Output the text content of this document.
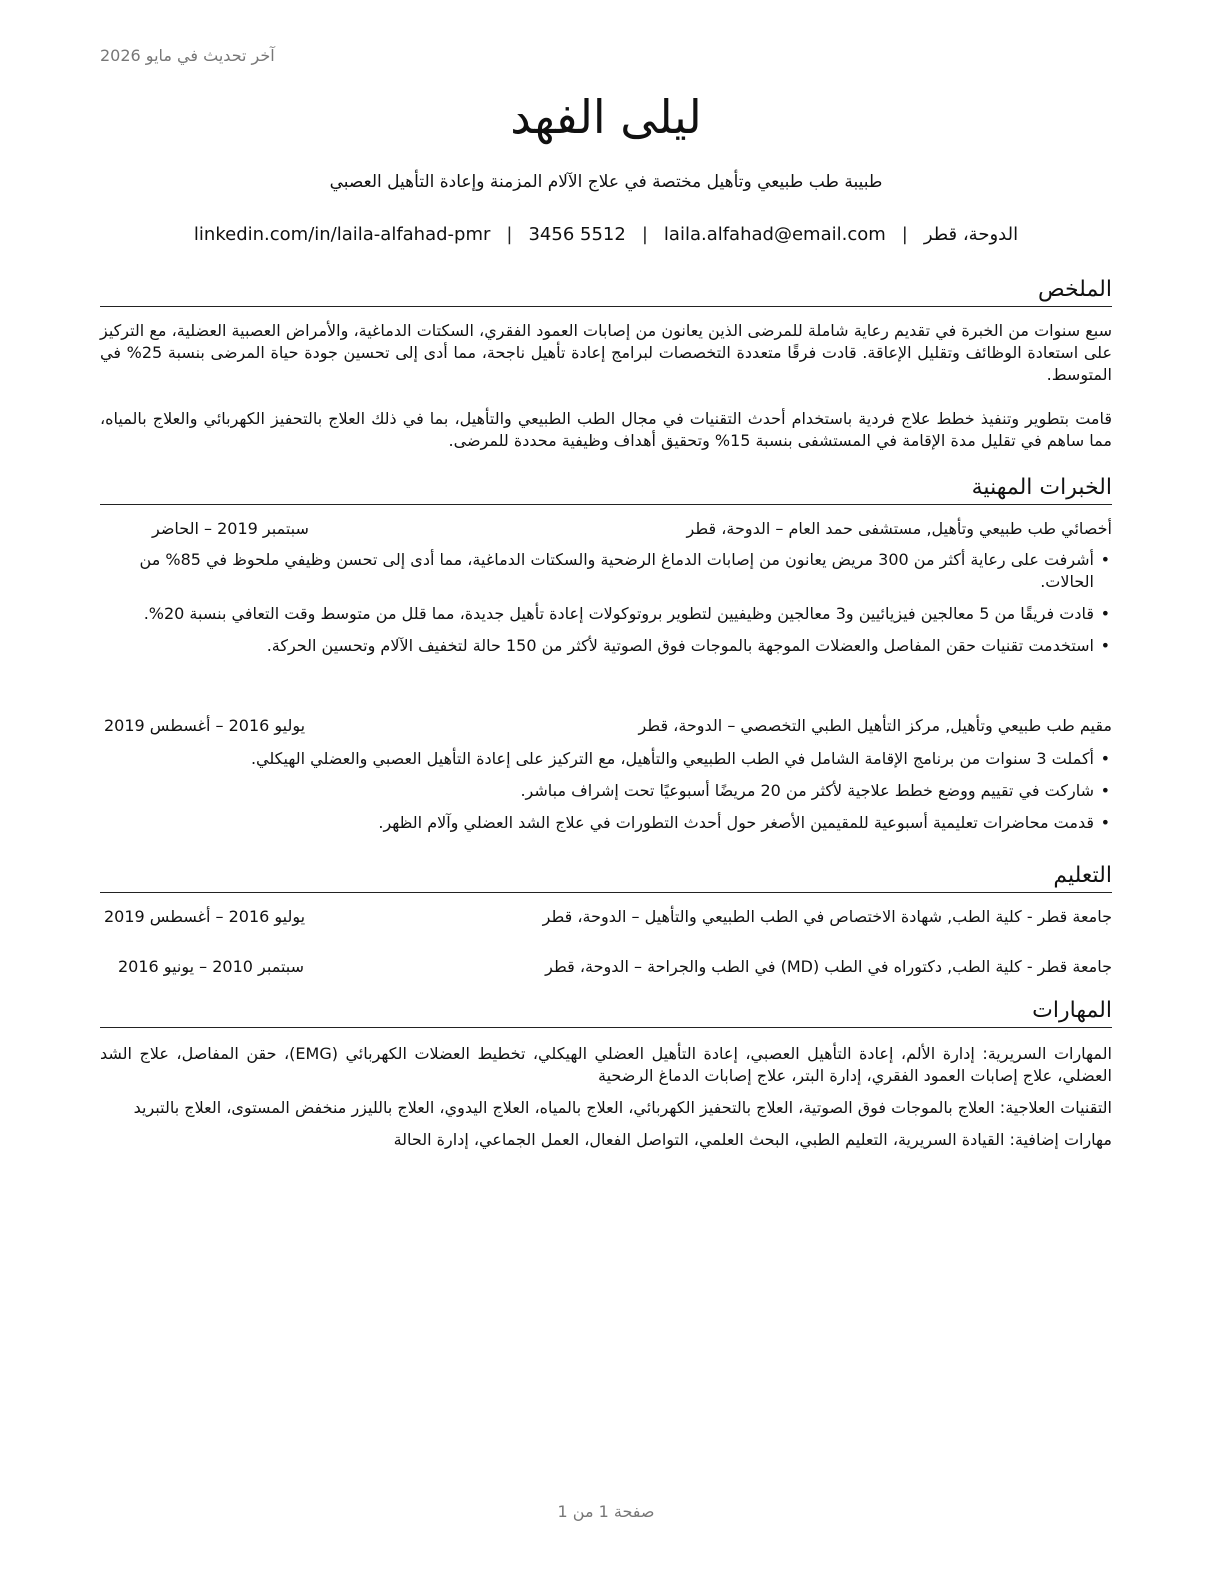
آخر تحديث في مايو 2026
ليلى الفهد
طبيبة طب طبيعي وتأهيل مختصة في علاج الآلام المزمنة وإعادة التأهيل العصبي
الدوحة، قطر
|
laila.alfahad@email.com
|
3456 5512
|
linkedin.com/in/laila-alfahad-pmr
الملخص
سبع سنوات من الخبرة في تقديم رعاية شاملة للمرضى الذين يعانون من إصابات العمود الفقري، السكتات الدماغية، والأمراض العصبية العضلية، مع التركيز على استعادة الوظائف وتقليل الإعاقة. قادت فرقًا متعددة التخصصات لبرامج إعادة تأهيل ناجحة، مما أدى إلى تحسين جودة حياة المرضى بنسبة 25% في المتوسط.
قامت بتطوير وتنفيذ خطط علاج فردية باستخدام أحدث التقنيات في مجال الطب الطبيعي والتأهيل، بما في ذلك العلاج بالتحفيز الكهربائي والعلاج بالمياه، مما ساهم في تقليل مدة الإقامة في المستشفى بنسبة 15% وتحقيق أهداف وظيفية محددة للمرضى.
الخبرات المهنية
أخصائي طب طبيعي وتأهيل, مستشفى حمد العام – الدوحة، قطر
سبتمبر 2019 – الحاضر
• أشرفت على رعاية أكثر من 300 مريض يعانون من إصابات الدماغ الرضحية والسكتات الدماغية، مما أدى إلى تحسن وظيفي ملحوظ في 85% من الحالات.
• قادت فريقًا من 5 معالجين فيزيائيين و3 معالجين وظيفيين لتطوير بروتوكولات إعادة تأهيل جديدة، مما قلل من متوسط وقت التعافي بنسبة 20%.
• استخدمت تقنيات حقن المفاصل والعضلات الموجهة بالموجات فوق الصوتية لأكثر من 150 حالة لتخفيف الآلام وتحسين الحركة.
مقيم طب طبيعي وتأهيل, مركز التأهيل الطبي التخصصي – الدوحة، قطر
يوليو 2016 – أغسطس 2019
• أكملت 3 سنوات من برنامج الإقامة الشامل في الطب الطبيعي والتأهيل، مع التركيز على إعادة التأهيل العصبي والعضلي الهيكلي.
• شاركت في تقييم ووضع خطط علاجية لأكثر من 20 مريضًا أسبوعيًا تحت إشراف مباشر.
• قدمت محاضرات تعليمية أسبوعية للمقيمين الأصغر حول أحدث التطورات في علاج الشد العضلي وآلام الظهر.
التعليم
جامعة قطر - كلية الطب, شهادة الاختصاص في الطب الطبيعي والتأهيل – الدوحة، قطر
يوليو 2016 – أغسطس 2019
جامعة قطر - كلية الطب, دكتوراه في الطب (MD) في الطب والجراحة – الدوحة، قطر
سبتمبر 2010 – يونيو 2016
المهارات

المهارات السريرية: إدارة الألم، إعادة التأهيل العصبي، إعادة التأهيل العضلي الهيكلي، تخطيط العضلات الكهربائي (EMG)، حقن المفاصل، علاج الشد العضلي، علاج إصابات العمود الفقري، إدارة البتر، علاج إصابات الدماغ الرضحية

التقنيات العلاجية: العلاج بالموجات فوق الصوتية، العلاج بالتحفيز الكهربائي، العلاج بالمياه، العلاج اليدوي، العلاج بالليزر منخفض المستوى، العلاج بالتبريد

مهارات إضافية: القيادة السريرية، التعليم الطبي، البحث العلمي، التواصل الفعال، العمل الجماعي، إدارة الحالة

صفحة 1 من 1
